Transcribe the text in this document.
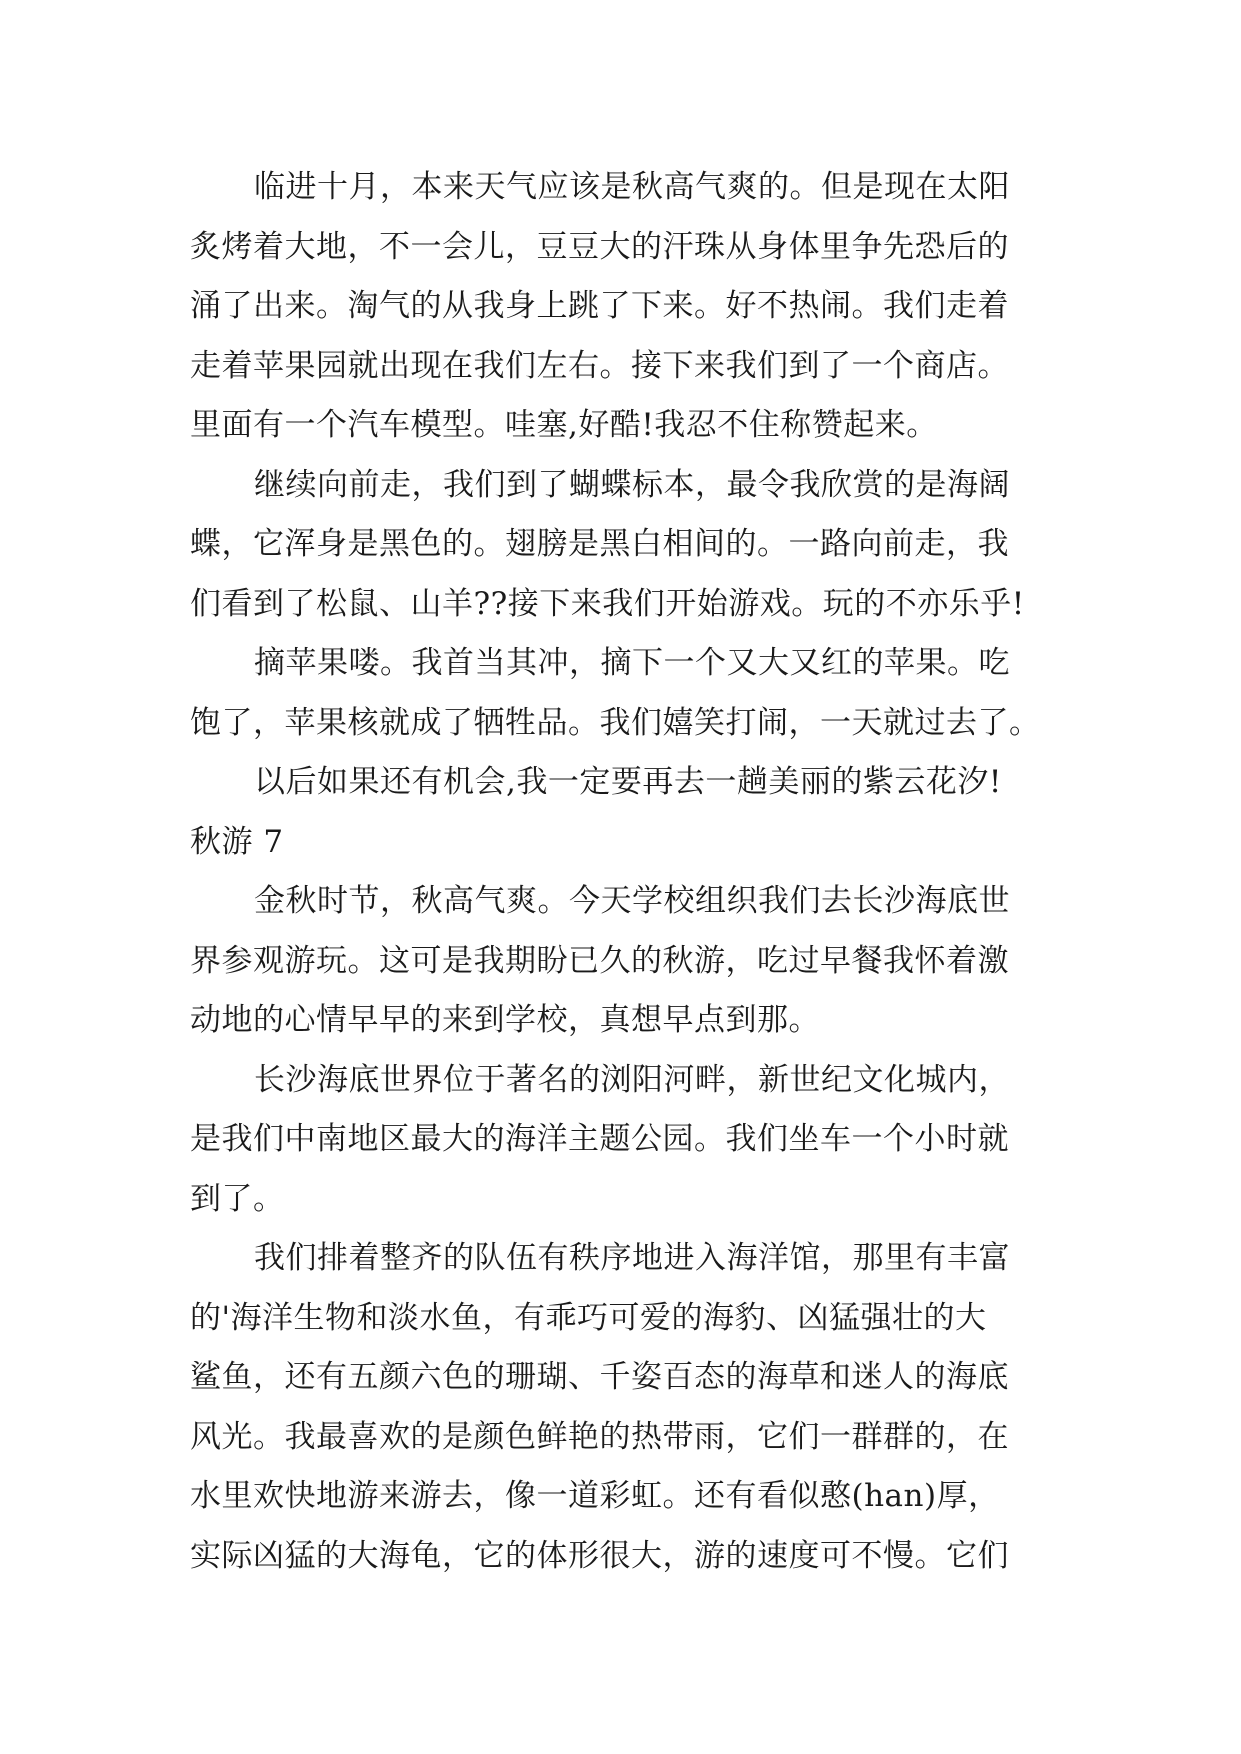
临进十月，本来天气应该是秋高气爽的。但是现在太阳
炙烤着大地，不一会儿，豆豆大的汗珠从身体里争先恐后的
涌了出来。淘气的从我身上跳了下来。好不热闹。我们走着
走着苹果园就出现在我们左右。接下来我们到了一个商店。
里面有一个汽车模型。哇塞,好酷!我忍不住称赞起来。
继续向前走，我们到了蝴蝶标本，最令我欣赏的是海阔
蝶，它浑身是黑色的。翅膀是黑白相间的。一路向前走，我
们看到了松鼠、山羊??接下来我们开始游戏。玩的不亦乐乎!
摘苹果喽。我首当其冲，摘下一个又大又红的苹果。吃
饱了，苹果核就成了牺牲品。我们嬉笑打闹，一天就过去了。
以后如果还有机会,我一定要再去一趟美丽的紫云花汐!
秋游 7
金秋时节，秋高气爽。今天学校组织我们去长沙海底世
界参观游玩。这可是我期盼已久的秋游，吃过早餐我怀着激
动地的心情早早的来到学校，真想早点到那。
长沙海底世界位于著名的浏阳河畔，新世纪文化城内，
是我们中南地区最大的海洋主题公园。我们坐车一个小时就
到了。
我们排着整齐的队伍有秩序地进入海洋馆，那里有丰富
的'海洋生物和淡水鱼，有乖巧可爱的海豹、凶猛强壮的大
鲨鱼，还有五颜六色的珊瑚、千姿百态的海草和迷人的海底
风光。我最喜欢的是颜色鲜艳的热带雨，它们一群群的，在
水里欢快地游来游去，像一道彩虹。还有看似憨(han)厚，
实际凶猛的大海龟，它的体形很大，游的速度可不慢。它们
